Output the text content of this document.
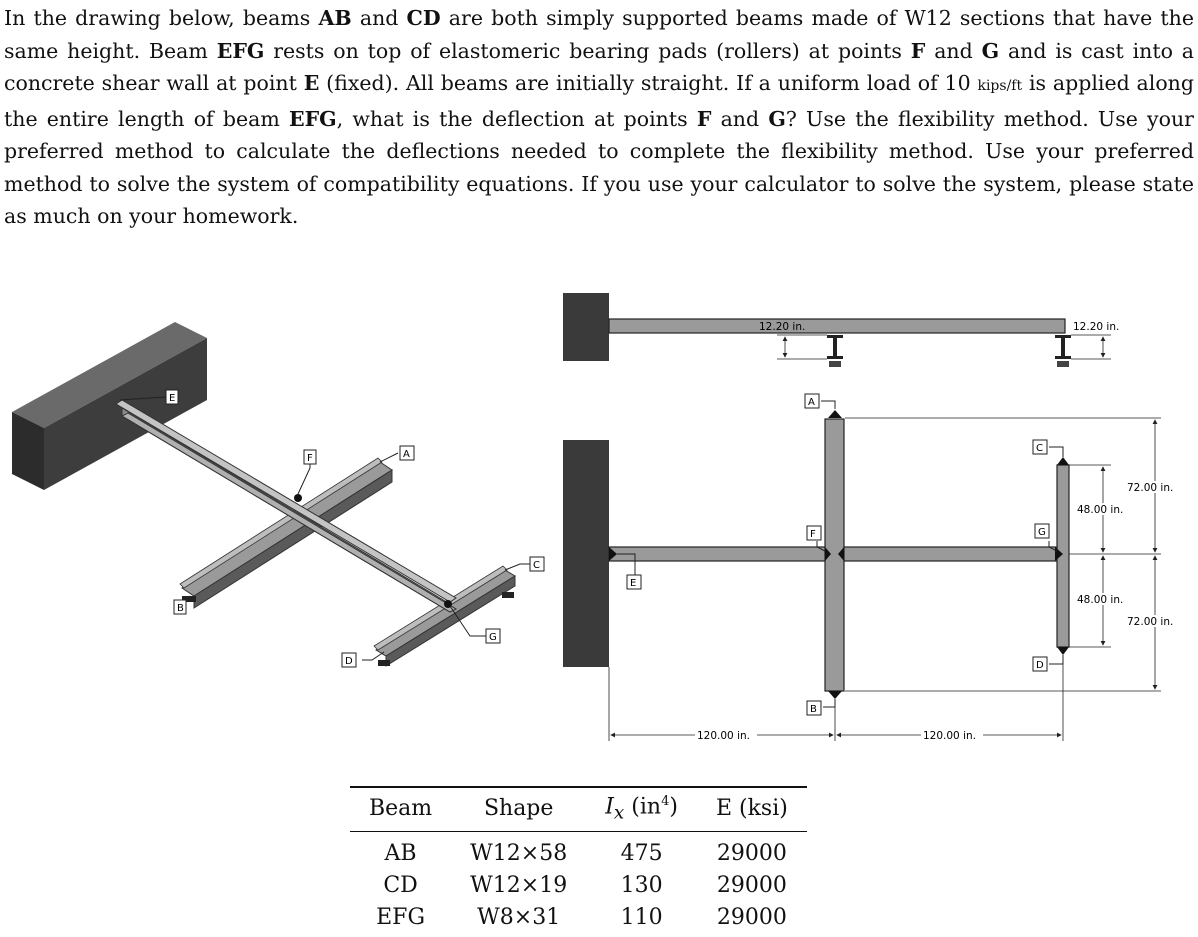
In the drawing below, beams AB and CD are both simply supported beams made of W12 sections that have the same height. Beam EFG rests on top of elastomeric bearing pads (rollers) at points F and G and is cast into a concrete shear wall at point E (fixed). All beams are initially straight. If a uniform load of 10 kips/ft is applied along the entire length of beam EFG, what is the deflection at points F and G? Use the flexibility method. Use your preferred method to calculate the deflections needed to complete the flexibility method. Use your preferred method to solve the system of compatibility equations. If you use your calculator to solve the system, please state as much on your homework.

E
F	A
B
C
D
G
12.20 in.	12.20 in.
A
C
E
F	G
D
B
48.00 in.
48.00 in.
72.00 in.
72.00 in.
120.00 in.	120.00 in.
Beam	Shape	$I_x$ $(in^4)$	E (ksi)
AB	W12×58	475	29000
CD	W12×19	130	29000
EFG	W8×31	110	29000
